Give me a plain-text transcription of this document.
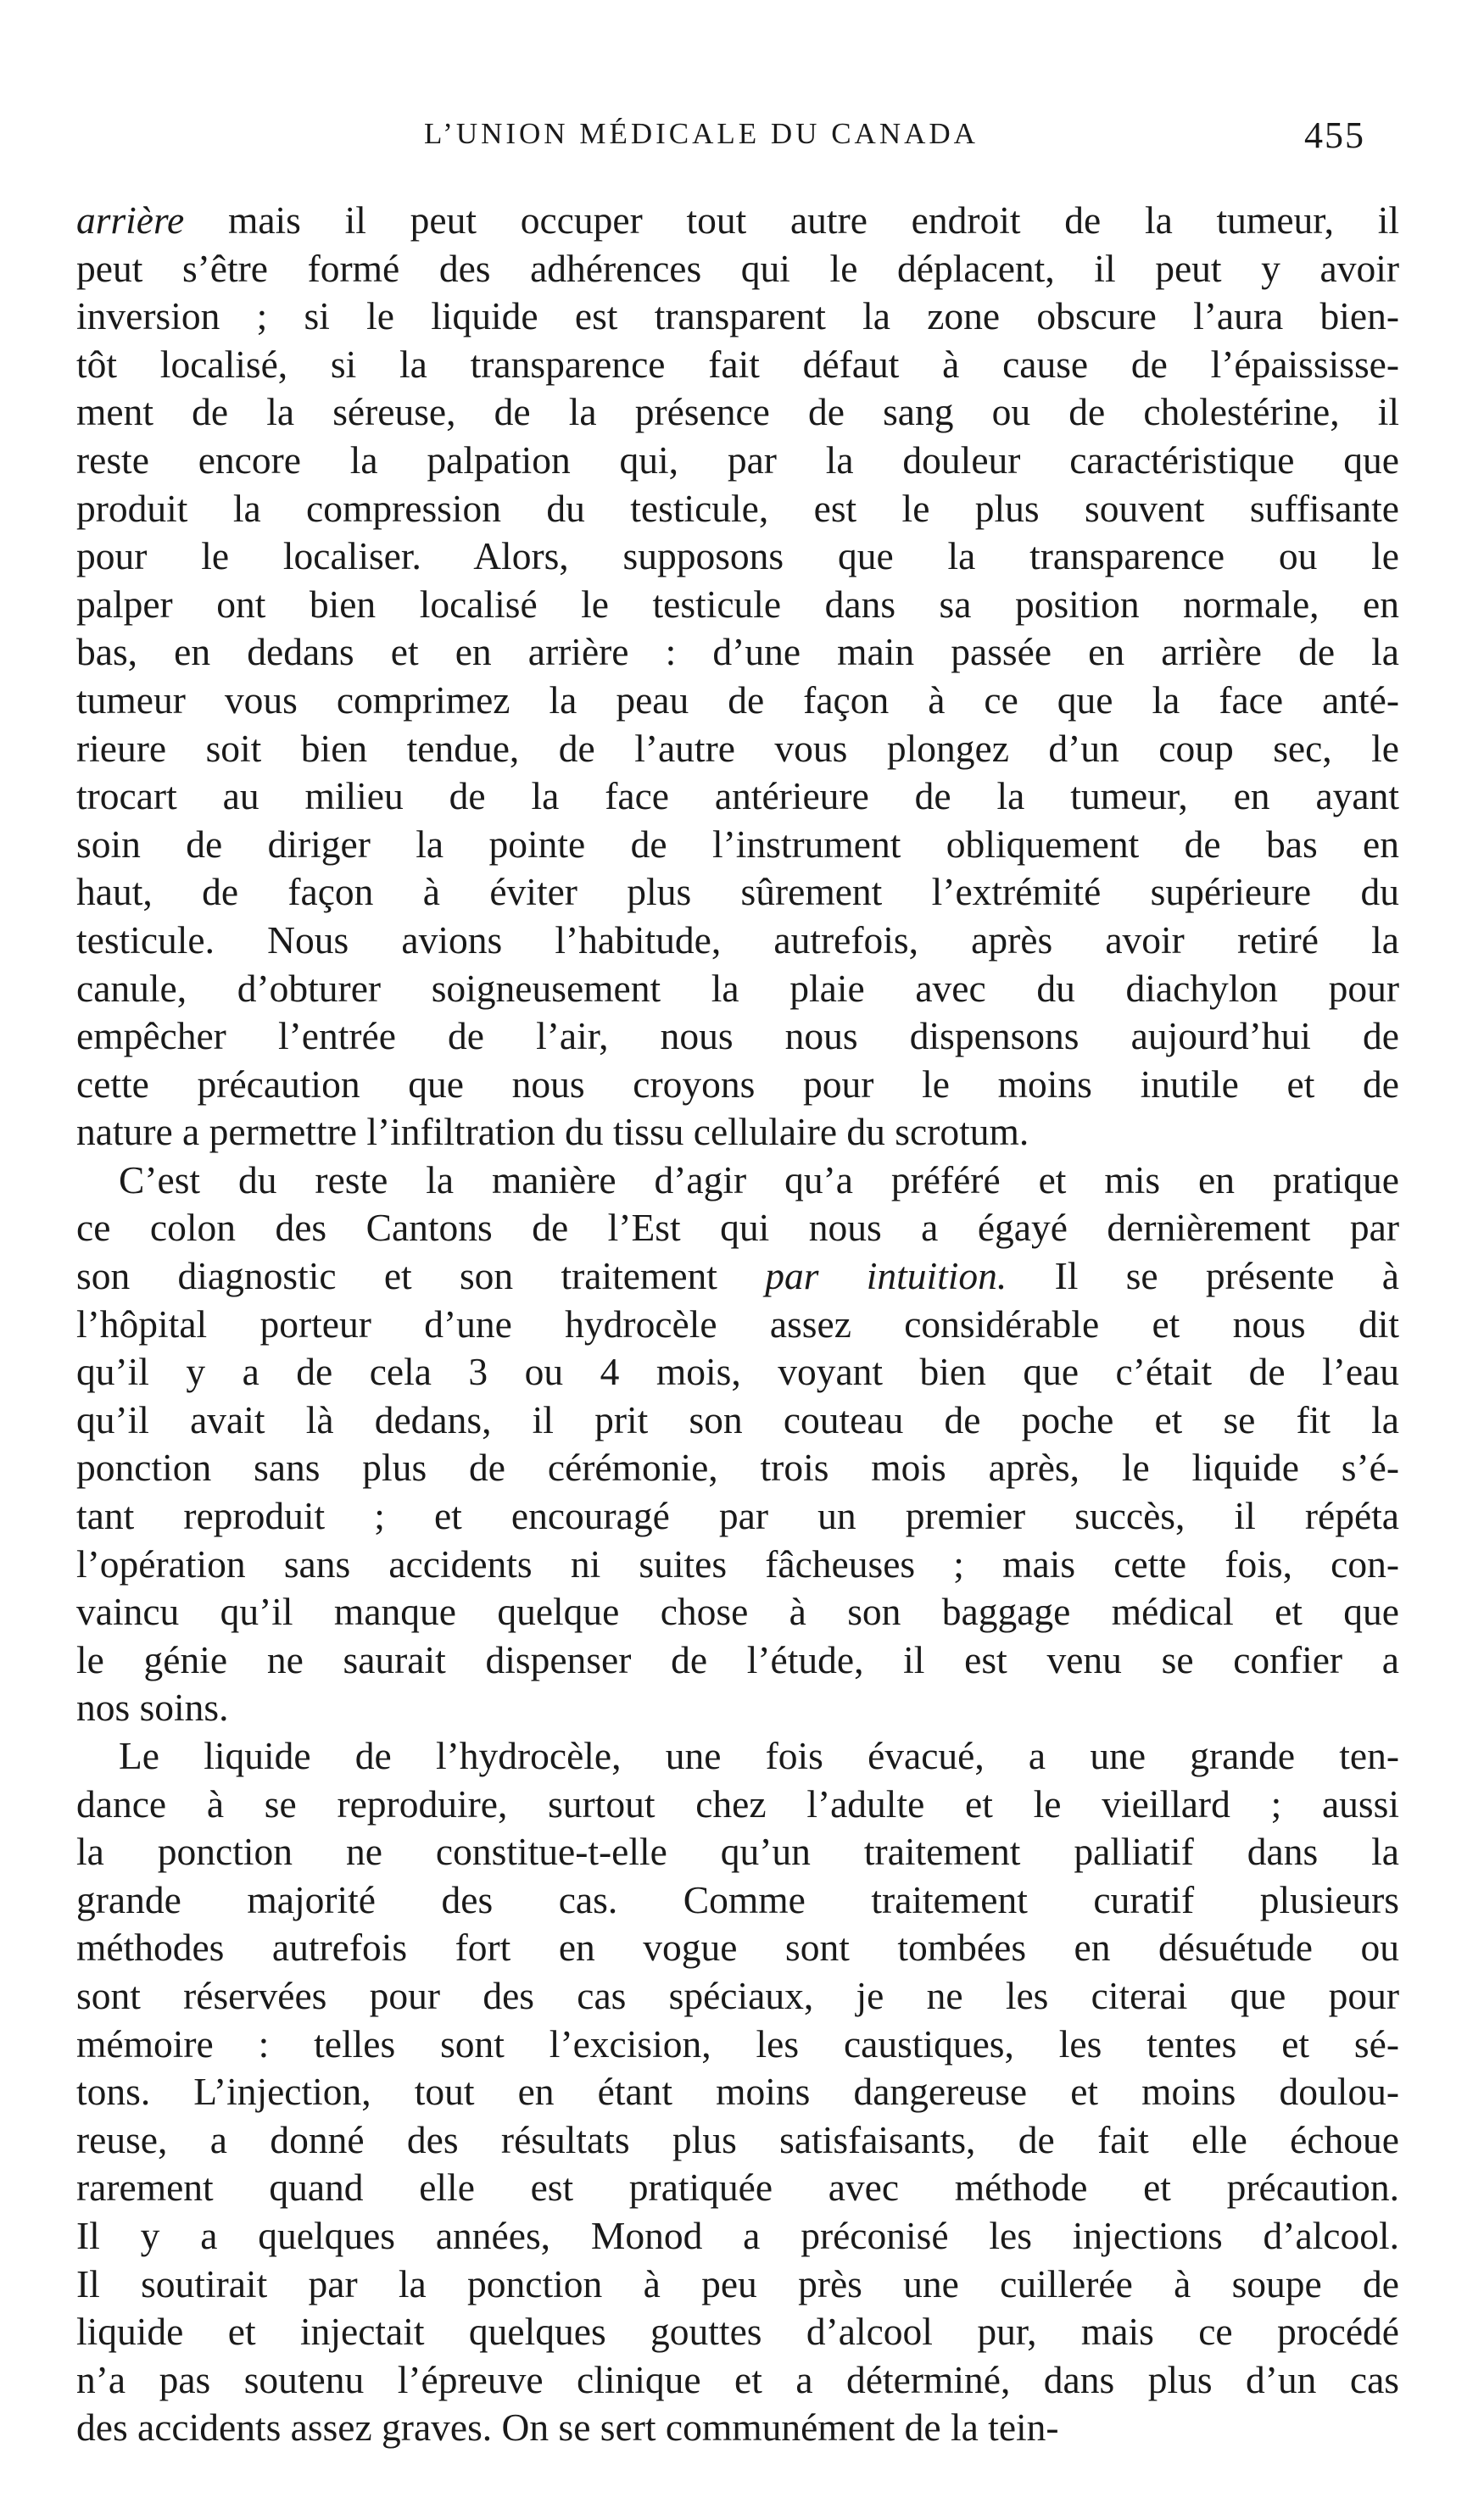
L’UNION MÉDICALE DU CANADA	455
arrière mais il peut occuper tout autre endroit de la tumeur, il
peut s’être formé des adhérences qui le déplacent, il peut y avoir
inversion ; si le liquide est transparent la zone obscure l’aura bien-
tôt localisé, si la transparence fait défaut à cause de l’épaississe-
ment de la séreuse, de la présence de sang ou de cholestérine, il
reste encore la palpation qui, par la douleur caractéristique que
produit la compression du testicule, est le plus souvent suffisante
pour le localiser. Alors, supposons que la transparence ou le
palper ont bien localisé le testicule dans sa position normale, en
bas, en dedans et en arrière : d’une main passée en arrière de la
tumeur vous comprimez la peau de façon à ce que la face anté-
rieure soit bien tendue, de l’autre vous plongez d’un coup sec, le
trocart au milieu de la face antérieure de la tumeur, en ayant
soin de diriger la pointe de l’instrument obliquement de bas en
haut, de façon à éviter plus sûrement l’extrémité supérieure du
testicule. Nous avions l’habitude, autrefois, après avoir retiré la
canule, d’obturer soigneusement la plaie avec du diachylon pour
empêcher l’entrée de l’air, nous nous dispensons aujourd’hui de
cette précaution que nous croyons pour le moins inutile et de
nature a permettre l’infiltration du tissu cellulaire du scrotum.
C’est du reste la manière d’agir qu’a préféré et mis en pratique
ce colon des Cantons de l’Est qui nous a égayé dernièrement par
son diagnostic et son traitement par intuition. Il se présente à
l’hôpital porteur d’une hydrocèle assez considérable et nous dit
qu’il y a de cela 3 ou 4 mois, voyant bien que c’était de l’eau
qu’il avait là dedans, il prit son couteau de poche et se fit la
ponction sans plus de cérémonie, trois mois après, le liquide s’é-
tant reproduit ; et encouragé par un premier succès, il répéta
l’opération sans accidents ni suites fâcheuses ; mais cette fois, con-
vaincu qu’il manque quelque chose à son baggage médical et que
le génie ne saurait dispenser de l’étude, il est venu se confier a
nos soins.
Le liquide de l’hydrocèle, une fois évacué, a une grande ten-
dance à se reproduire, surtout chez l’adulte et le vieillard ; aussi
la ponction ne constitue-t-elle qu’un traitement palliatif dans la
grande majorité des cas. Comme traitement curatif plusieurs
méthodes autrefois fort en vogue sont tombées en désuétude ou
sont réservées pour des cas spéciaux, je ne les citerai que pour
mémoire : telles sont l’excision, les caustiques, les tentes et sé-
tons. L’injection, tout en étant moins dangereuse et moins doulou-
reuse, a donné des résultats plus satisfaisants, de fait elle échoue
rarement quand elle est pratiquée avec méthode et précaution.
Il y a quelques années, Monod a préconisé les injections d’alcool.
Il soutirait par la ponction à peu près une cuillerée à soupe de
liquide et injectait quelques gouttes d’alcool pur, mais ce procédé
n’a pas soutenu l’épreuve clinique et a déterminé, dans plus d’un cas
des accidents assez graves. On se sert communément de la tein-
